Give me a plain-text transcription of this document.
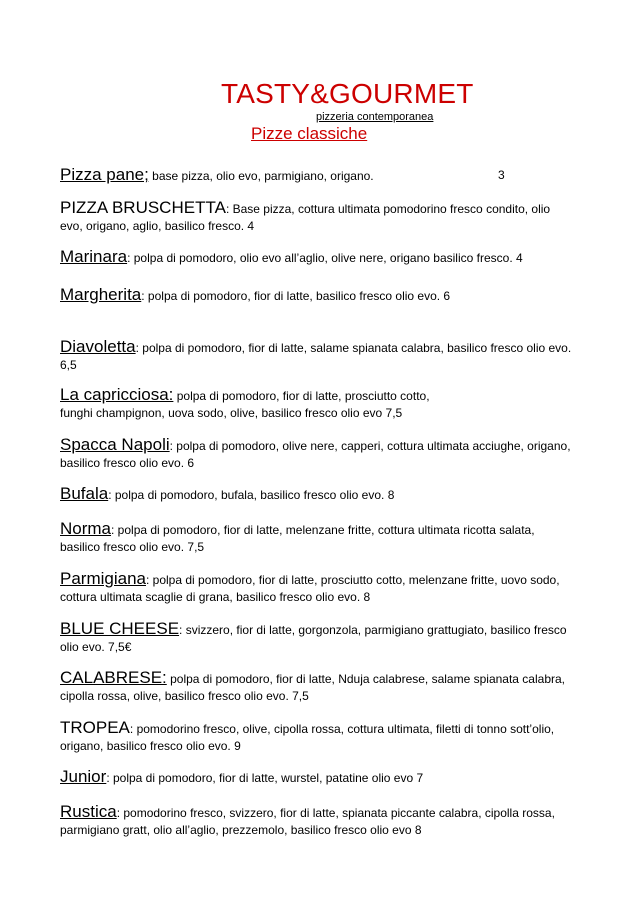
TASTY&GOURMET
pizzeria contemporanea
Pizze classiche
Pizza pane; base pizza, olio evo, parmigiano, origano.	3
PIZZA BRUSCHETTA: Base pizza, cottura ultimata pomodorino fresco condito, olio evo, origano, aglio, basilico fresco. 4
Marinara: polpa di pomodoro, olio evo all’aglio, olive nere, origano basilico fresco. 4
Margherita: polpa di pomodoro, fior di latte, basilico fresco olio evo. 6
Diavoletta: polpa di pomodoro, fior di latte, salame spianata calabra, basilico fresco olio evo. 6,5
La capricciosa: polpa di pomodoro, fior di latte, prosciutto cotto,
funghi champignon, uova sodo, olive, basilico fresco olio evo 7,5
Spacca Napoli: polpa di pomodoro, olive nere, capperi, cottura ultimata acciughe, origano, basilico fresco olio evo. 6
Bufala: polpa di pomodoro, bufala, basilico fresco olio evo. 8
Norma: polpa di pomodoro, fior di latte, melenzane fritte, cottura ultimata ricotta salata, basilico fresco olio evo. 7,5
Parmigiana: polpa di pomodoro, fior di latte, prosciutto cotto, melenzane fritte, uovo sodo, cottura ultimata scaglie di grana, basilico fresco olio evo. 8
BLUE CHEESE: svizzero, fior di latte, gorgonzola, parmigiano grattugiato, basilico fresco olio evo. 7,5€
CALABRESE: polpa di pomodoro, fior di latte, Nduja calabrese, salame spianata calabra, cipolla rossa, olive, basilico fresco olio evo. 7,5
TROPEA: pomodorino fresco, olive, cipolla rossa, cottura ultimata, filetti di tonno sott’olio, origano, basilico fresco olio evo. 9
Junior: polpa di pomodoro, fior di latte, wurstel, patatine olio evo 7
Rustica: pomodorino fresco, svizzero, fior di latte, spianata piccante calabra, cipolla rossa, parmigiano gratt, olio all’aglio, prezzemolo, basilico fresco olio evo 8
